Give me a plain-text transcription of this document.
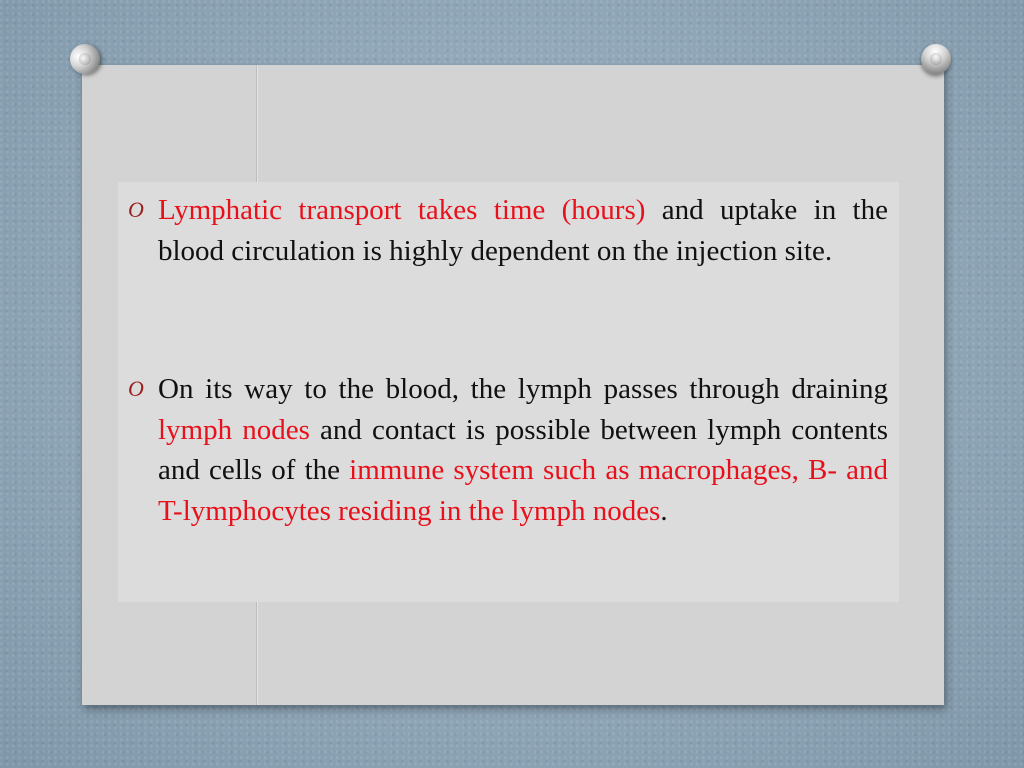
O Lymphatic transport takes time (hours) and uptake in the blood circulation is highly dependent on the injection site.
O On its way to the blood, the lymph passes through draining lymph nodes and contact is possible between lymph contents and cells of the immune system such as macrophages, B- and T-lymphocytes residing in the lymph nodes.
